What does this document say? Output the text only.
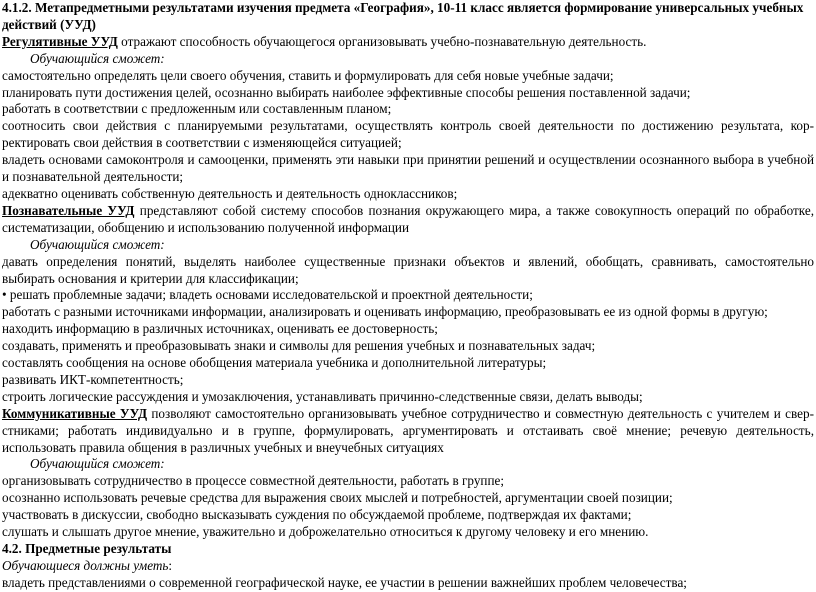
4.1.2. Метапредметными результатами изучения предмета «География», 10-11 класс является формирование универсальных учебных
действий (УУД)
Регулятивные УУД отражают способность обучающегося организовывать учебно-познавательную деятельность.
Обучающийся сможет:
самостоятельно определять цели своего обучения, ставить и формулировать для себя новые учебные задачи;
планировать пути достижения целей, осознанно выбирать наиболее эффективные способы решения поставленной задачи;
работать в соответствии с предложенным или составленным планом;
соотносить свои действия с планируемыми результатами, осуществлять контроль своей деятельности по достижению результата, кор-
ректировать свои действия в соответствии с изменяющейся ситуацией;
владеть основами самоконтроля и самооценки, применять эти навыки при принятии решений и осуществлении осознанного выбора в учебной
и познавательной деятельности;
адекватно оценивать собственную деятельность и деятельность одноклассников;
Познавательные УУД представляют собой систему способов познания окружающего мира, а также совокупность операций по обработке,
систематизации, обобщению и использованию полученной информации
Обучающийся сможет:
давать определения понятий, выделять наиболее существенные признаки объектов и явлений, обобщать, сравнивать, самостоятельно
выбирать основания и критерии для классификации;
• решать проблемные задачи; владеть основами исследовательской и проектной деятельности;
работать с разными источниками информации, анализировать и оценивать информацию, преобразовывать ее из одной формы в другую;
находить информацию в различных источниках, оценивать ее достоверность;
создавать, применять и преобразовывать знаки и символы для решения учебных и познавательных задач;
составлять сообщения на основе обобщения материала учебника и дополнительной литературы;
развивать ИКТ-компетентность;
строить логические рассуждения и умозаключения, устанавливать причинно-следственные связи, делать выводы;
Коммуникативные УУД позволяют самостоятельно организовывать учебное сотрудничество и совместную деятельность с учителем и свер-
стниками; работать индивидуально и в группе, формулировать, аргументировать и отстаивать своё мнение; речевую деятельность,
использовать правила общения в различных учебных и внеучебных ситуациях
Обучающийся сможет:
организовывать сотрудничество в процессе совместной деятельности, работать в группе;
осознанно использовать речевые средства для выражения своих мыслей и потребностей, аргументации своей позиции;
участвовать в дискуссии, свободно высказывать суждения по обсуждаемой проблеме, подтверждая их фактами;
слушать и слышать другое мнение, уважительно и доброжелательно относиться к другому человеку и его мнению.
4.2. Предметные результаты
Обучающиеся должны уметь:
владеть представлениями о современной географической науке, ее участии в решении важнейших проблем человечества;
